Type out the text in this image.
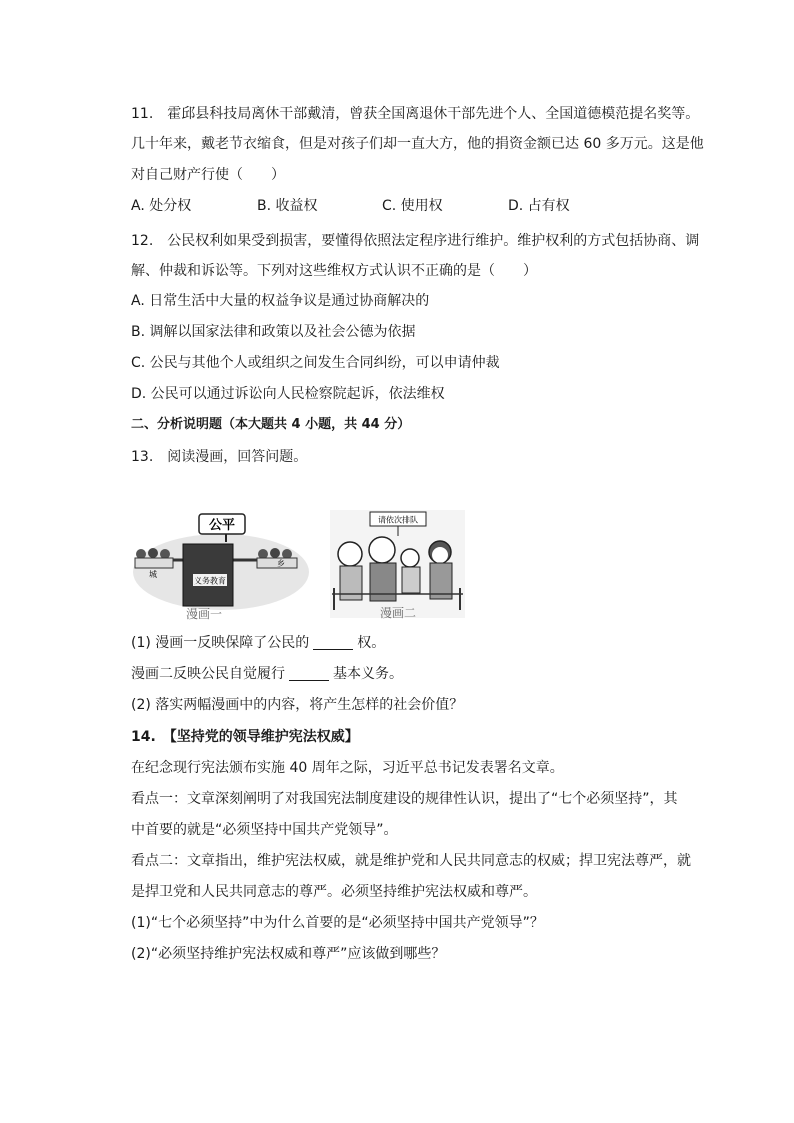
11.　霍邱县科技局离休干部戴清，曾获全国离退休干部先进个人、全国道德模范提名奖等。
几十年来，戴老节衣缩食，但是对孩子们却一直大方，他的捐资金额已达 60 多万元。这是他
对自己财产行使（　　）
A. 处分权	B. 收益权	C. 使用权	D. 占有权
12.　公民权利如果受到损害，要懂得依照法定程序进行维护。维护权利的方式包括协商、调
解、仲裁和诉讼等。下列对这些维权方式认识不正确的是（　　）
A. 日常生活中大量的权益争议是通过协商解决的
B. 调解以国家法律和政策以及社会公德为依据
C. 公民与其他个人或组织之间发生合同纠纷，可以申请仲裁
D. 公民可以通过诉讼向人民检察院起诉，依法维权
二、分析说明题（本大题共 4 小题，共 44 分）
13.　阅读漫画，回答问题。
公平
义务教育
城
乡
漫画一
请依次排队
漫画二
(1) 漫画一反映保障了公民的	权。
漫画二反映公民自觉履行	基本义务。
(2) 落实两幅漫画中的内容，将产生怎样的社会价值？
14.　【坚持党的领导维护宪法权威】
在纪念现行宪法颁布实施 40 周年之际，习近平总书记发表署名文章。
看点一：文章深刻阐明了对我国宪法制度建设的规律性认识，提出了“七个必须坚持”，其
中首要的就是“必须坚持中国共产党领导”。
看点二：文章指出，维护宪法权威，就是维护党和人民共同意志的权威；捍卫宪法尊严，就
是捍卫党和人民共同意志的尊严。必须坚持维护宪法权威和尊严。
(1)“七个必须坚持”中为什么首要的是“必须坚持中国共产党领导”？
(2)“必须坚持维护宪法权威和尊严”应该做到哪些？
